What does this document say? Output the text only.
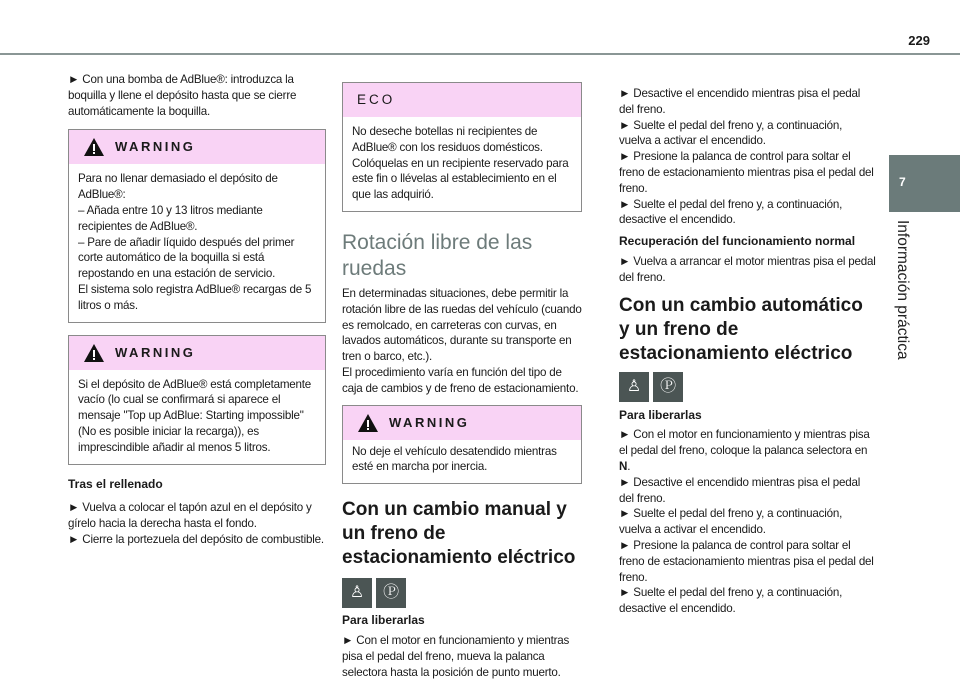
229
7
Información práctica

► Con una bomba de AdBlue®: introduzca la boquilla y llene el depósito hasta que se cierre automáticamente la boquilla.

WARNING

Para no llenar demasiado el depósito de AdBlue®:

– Añada entre 10 y 13 litros mediante recipientes de AdBlue®.

– Pare de añadir líquido después del primer corte automático de la boquilla si está repostando en una estación de servicio.

El sistema solo registra AdBlue® recargas de 5 litros o más.

WARNING

Si el depósito de AdBlue® está completamente vacío (lo cual se confirmará si aparece el mensaje "Top up AdBlue: Starting impossible" (No es posible iniciar la recarga)), es imprescindible añadir al menos 5 litros.

Tras el rellenado

► Vuelva a colocar el tapón azul en el depósito y gírelo hacia la derecha hasta el fondo.

► Cierre la portezuela del depósito de combustible.

ECO

No deseche botellas ni recipientes de AdBlue® con los residuos domésticos.

Colóquelas en un recipiente reservado para este fin o llévelas al establecimiento en el que las adquirió.

Rotación libre de las ruedas

En determinadas situaciones, debe permitir la rotación libre de las ruedas del vehículo (cuando es remolcado, en carreteras con curvas, en lavados automáticos, durante su transporte en tren o barco, etc.).

El procedimiento varía en función del tipo de caja de cambios y de freno de estacionamiento.

WARNING

No deje el vehículo desatendido mientras esté en marcha por inercia.

Con un cambio manual y un freno de estacionamiento eléctrico
♙	Ⓟ
Para liberarlas

► Con el motor en funcionamiento y mientras pisa el pedal del freno, mueva la palanca selectora hasta la posición de punto muerto.

► Desactive el encendido mientras pisa el pedal del freno.

► Suelte el pedal del freno y, a continuación, vuelva a activar el encendido.

► Presione la palanca de control para soltar el freno de estacionamiento mientras pisa el pedal del freno.

► Suelte el pedal del freno y, a continuación, desactive el encendido.

Recuperación del funcionamiento normal

► Vuelva a arrancar el motor mientras pisa el pedal del freno.

Con un cambio automático y un freno de estacionamiento eléctrico
♙	Ⓟ
Para liberarlas

► Con el motor en funcionamiento y mientras pisa el pedal del freno, coloque la palanca selectora en N.

► Desactive el encendido mientras pisa el pedal del freno.

► Suelte el pedal del freno y, a continuación, vuelva a activar el encendido.

► Presione la palanca de control para soltar el freno de estacionamiento mientras pisa el pedal del freno.

► Suelte el pedal del freno y, a continuación, desactive el encendido.
